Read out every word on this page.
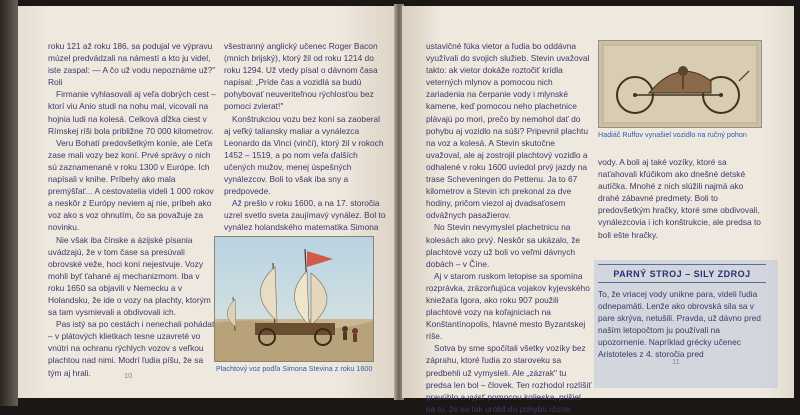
roku 121 až roku 186, sa podujal ve výpravu múzel predvádzali na námestí a kto ju videl, iste zaspal: — A čo už vodu nepoznáme už?" Roli

Firmanie vyhlasovali aj veľa dobrých cest – ktorí viu Anio studi na nohu mal, vicovali na hojnia ludi na kolesá. Celková dĺžka ciest v Rímskej ríši bola približne 70 000 kilometrov.

Veru Bohatí predovšetkým koníe, ale Ľeťa zase mali vozy bez koní. Prvé správy o nich sú zaznamenané v roku 1300 v Európe. Ich napísali v knihe. Príbehy ako mala premýšľať... A cestovatelia videli 1 000 rokov a neskôr z Európy neviem aj nie, príbeh ako voz ako s voz ohnutím, čo sa považuje za novinku.

Nie však iba čínske a ázijské písania uvádzajú, že v tom čase sa presúvali obrovské veže, hoci koní nejestvuje. Vozy mohli byť ťahané aj mechanizmom. Iba v roku 1650 sa objavili v Nemecku a v Holandsku, že ide o vozy na plachty, ktorým sa tam vysmievali a obdivovali ich.

Pas istý sa po cestách i nenechali pohádať – v plátových klietkach tesne uzavreté vo vnútri na ochranu rýchlych vozov s veľkou plachtou nad nimi. Modrí ľudia píšu, že sa tým aj hrali.

všestranný anglický učenec Roger Bacon (mnich brijský), ktorý žil od roku 1214 do roku 1294. Už vtedy písal o dávnom časa napísal: „Príde čas a vozidlá sa budú pohybovať neuveriteľnou rýchlosťou bez pomoci zvierat!"

Konštrukciou vozu bez koní sa zaoberal aj veľký taliansky maliar a vynálezca Leonardo da Vinci (vinčí), ktorý žil v rokoch 1452 – 1519, a po nom veľa ďalších učených mužov, menej úspešných vynálezcov. Boli to však iba sny a predpovede.

Až prešlo v roku 1600, a na 17. storočia uzrel svetlo sveta zaujímavý vynález. Bol to vynález holandského matematika Simona

Plachtový voz podľa Simona Stevina z roku 1600
10

ustavičné fúka vietor a ľudia bo oddávna využívali do svojich služieb. Stevin uvažoval takto: ak vietor dokáže roztočiť krídla veterných mlynov a pomocou nich zariadenia na čerpanie vody i mlynské kamene, keď pomocou neho plachetnice plávajú po mori, prečo by nemohol dať do pohybu aj vozidlo na súši? Pripevnil plachtu na voz a kolesá. A Stevin skutočne uvažoval, ale aj zostrojil plachtový vozidlo a odhalené v roku 1600 uviedol prvý jazdy na trase Scheveningen do Pettenu. Ja to 67 kilometrov a Stevin ich prekonal za dve hodiny, pričom viezol aj dvadsaťosem odvážnych pasažierov.

No Stevin nevymyslel plachetnicu na kolesách ako prvý. Neskôr sa ukázalo, že plachtové vozy už boli vo veľmi dávnych dobách – v Číne.

Aj v starom ruskom letopise sa spomína rozprávka, zrázorňujúca vojakov kyjevského kniežaťa Igora, ako roku 907 použili plachtové vozy na koľajniciach na Konštantínopolis, hlavné mesto Byzantskej ríše.

Sotva by sme spočítali všetky vozíky bez záprahu, ktoré ľudia zo staroveku sa predbehli už vymysleli. Ale „zázrak" tu predsa len bol – človek. Ten rozhodol rozlíšiť pravúhlo a vyjsť pomocou kolieska, prišiel na to, že sa tak urobil do pohybu rôzne

Hadiáč Ruffov vynašiel vozidlo na ručný pohon

vody. A boli aj také vozíky, ktoré sa naťahovali kľúčikom ako dnešné detské autíčka. Mnohé z nich slúžili najmä ako drahé zábavné predmety. Boli to predovšetkým hračky, ktoré sme obdivovali, vynálezcovia i ich konštrukcie, ale predsa to boli ešte hračky.

PARNÝ STROJ – SILY ZDROJ

To, že vriacej vody unikne para, videli ľudia odnepamäti. Lenže ako obrovská sila sa v pare skrýva, netušili. Pravda, už dávno pred naším letopočtom ju používali na upozornenie. Napríklad grécky učenec Aristoteles z 4. storočia pred

11
